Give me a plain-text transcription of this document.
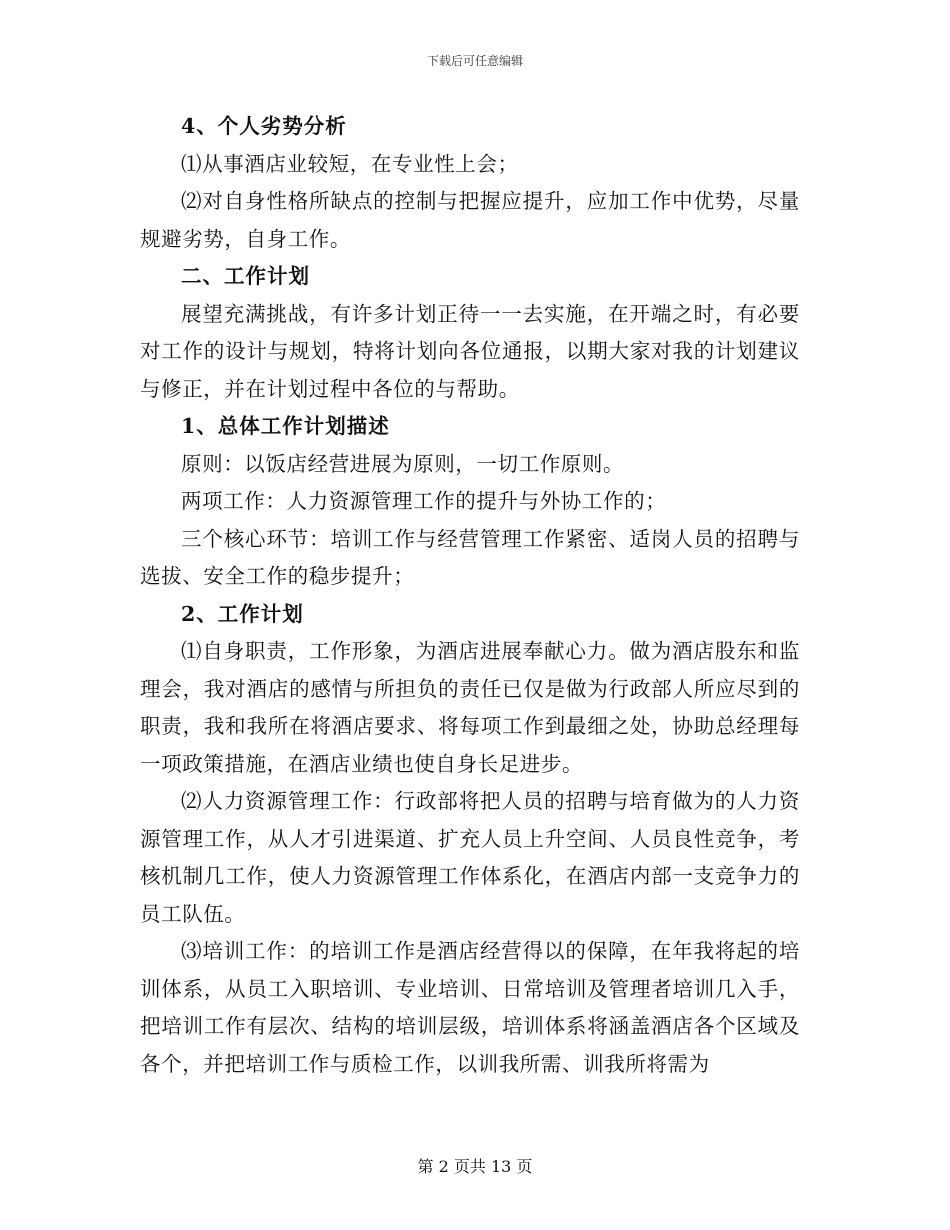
下载后可任意编辑

4、个人劣势分析

⑴从事酒店业较短，在专业性上会；

⑵对自身性格所缺点的控制与把握应提升，应加工作中优势，尽量规避劣势，自身工作。

二、工作计划

展望充满挑战，有许多计划正待一一去实施，在开端之时，有必要对工作的设计与规划，特将计划向各位通报，以期大家对我的计划建议与修正，并在计划过程中各位的与帮助。

1、总体工作计划描述

原则：以饭店经营进展为原则，一切工作原则。

两项工作：人力资源管理工作的提升与外协工作的；

三个核心环节：培训工作与经营管理工作紧密、适岗人员的招聘与选拔、安全工作的稳步提升；

2、工作计划

⑴自身职责，工作形象，为酒店进展奉献心力。做为酒店股东和监理会，我对酒店的感情与所担负的责任已仅是做为行政部人所应尽到的职责，我和我所在将酒店要求、将每项工作到最细之处，协助总经理每一项政策措施，在酒店业绩也使自身长足进步。

⑵人力资源管理工作：行政部将把人员的招聘与培育做为的人力资源管理工作，从人才引进渠道、扩充人员上升空间、人员良性竞争，考核机制几工作，使人力资源管理工作体系化，在酒店内部一支竞争力的员工队伍。

⑶培训工作：的培训工作是酒店经营得以的保障，在年我将起的培训体系，从员工入职培训、专业培训、日常培训及管理者培训几入手，把培训工作有层次、结构的培训层级，培训体系将涵盖酒店各个区域及各个，并把培训工作与质检工作，以训我所需、训我所将需为

第 2 页共 13 页
